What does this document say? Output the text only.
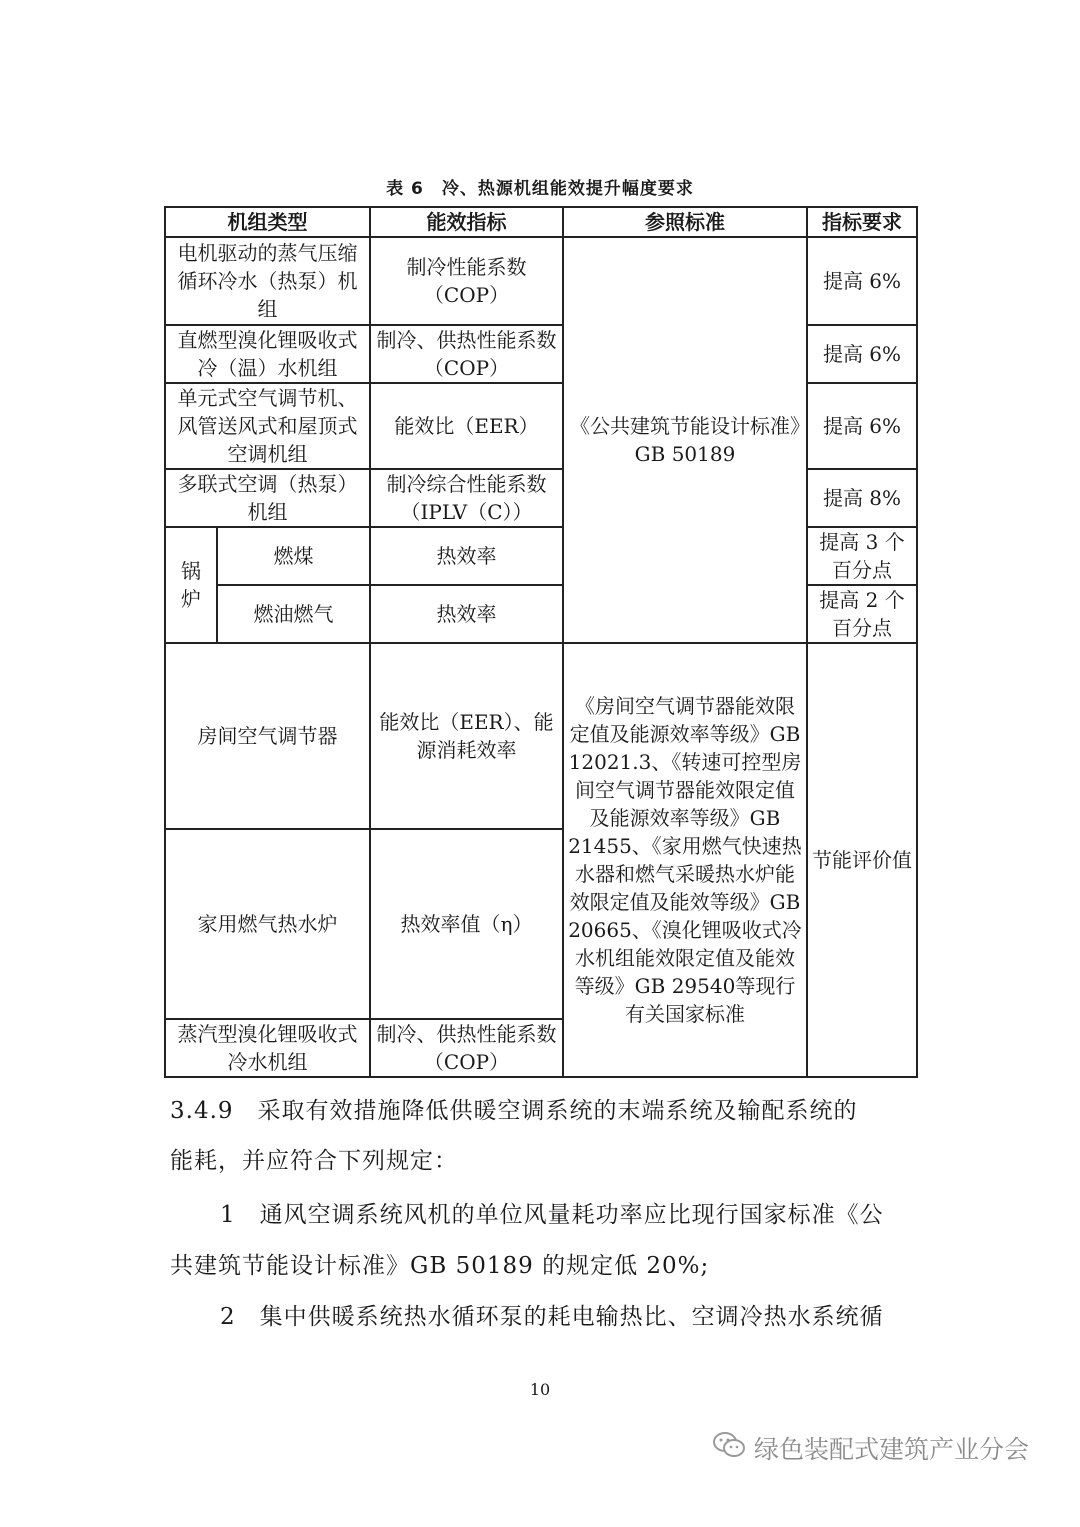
表 6　冷、热源机组能效提升幅度要求
机组类型		能效指标	参照标准	指标要求
电机驱动的蒸气压缩循环冷水（热泵）机组		制冷性能系数（COP）	《公共建筑节能设计标准》GB 50189	提高 6%
直燃型溴化锂吸收式冷（温）水机组		制冷、供热性能系数（COP）		提高 6%
单元式空气调节机、风管送风式和屋顶式空调机组		能效比（EER）		提高 6%
多联式空调（热泵）机组		制冷综合性能系数（IPLV（C））		提高 8%
锅炉	燃煤	热效率		提高 3 个百分点
	燃油燃气	热效率		提高 2 个百分点
房间空气调节器		能效比（EER）、能源消耗效率	《房间空气调节器能效限定值及能源效率等级》GB 12021.3、《转速可控型房间空气调节器能效限定值及能源效率等级》GB 21455、《家用燃气快速热水器和燃气采暖热水炉能效限定值及能效等级》GB 20665、《溴化锂吸收式冷水机组能效限定值及能效等级》GB 29540等现行有关国家标准	节能评价值
家用燃气热水炉		热效率值（η）		
蒸汽型溴化锂吸收式冷水机组		制冷、供热性能系数（COP）		
3.4.9　采取有效措施降低供暖空调系统的末端系统及输配系统的
能耗，并应符合下列规定：
1　通风空调系统风机的单位风量耗功率应比现行国家标准《公
共建筑节能设计标准》GB 50189 的规定低 20%;
2　集中供暖系统热水循环泵的耗电输热比、空调冷热水系统循
10
绿色装配式建筑产业分会
